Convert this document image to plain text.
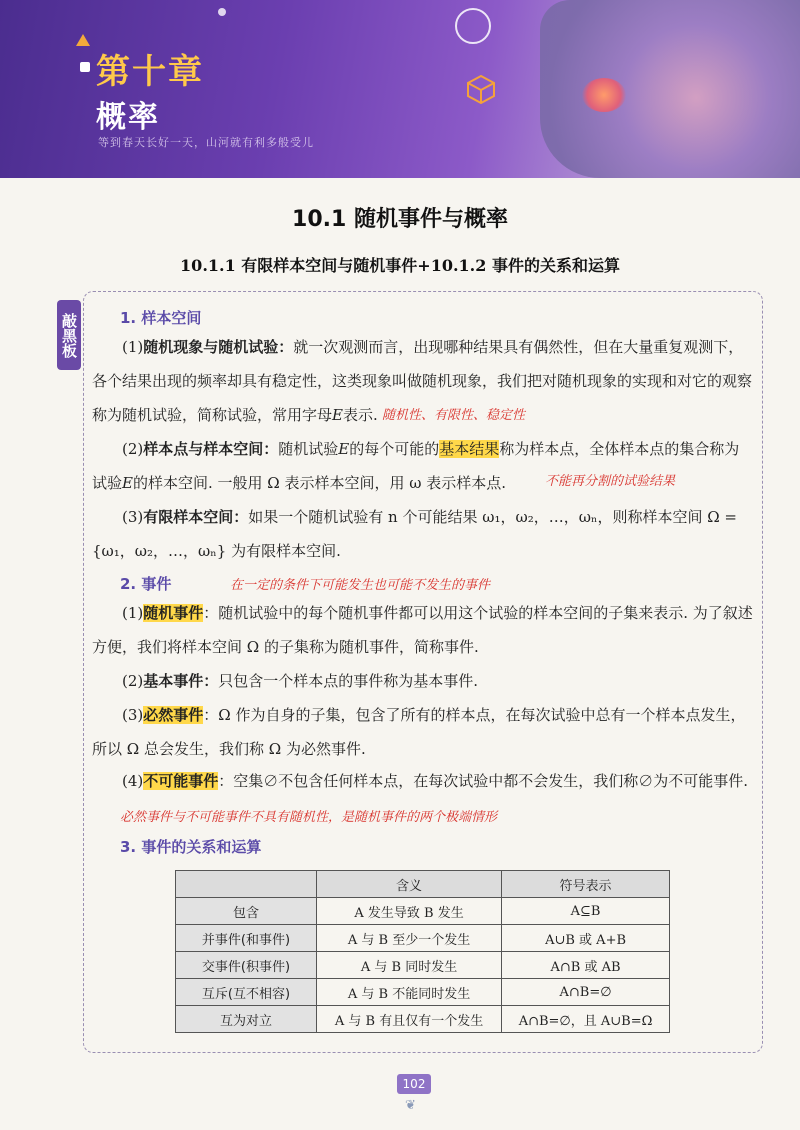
第十章
概率
等到春天长好一天，山河就有利多般受儿
10.1 随机事件与概率
10.1.1 有限样本空间与随机事件+10.1.2 事件的关系和运算
敲黑板	1. 样本空间
(1)随机现象与随机试验：就一次观测而言，出现哪种结果具有偶然性，但在大量重复观测下，各个结果出现的频率却具有稳定性，这类现象叫做随机现象，我们把对随机现象的实现和对它的观察称为随机试验，简称试验，常用字母E表示. 随机性、有限性、稳定性
(2)样本点与样本空间：随机试验E的每个可能的基本结果称为样本点，全体样本点的集合称为试验E的样本空间. 一般用 Ω 表示样本空间，用 ω 表示样本点.	不能再分割的试验结果
(3)有限样本空间：如果一个随机试验有 n 个可能结果 ω₁，ω₂，…，ωₙ，则称样本空间 Ω = {ω₁，ω₂，…，ωₙ} 为有限样本空间.
2. 事件	在一定的条件下可能发生也可能不发生的事件
(1)随机事件：随机试验中的每个随机事件都可以用这个试验的样本空间的子集来表示. 为了叙述方便，我们将样本空间 Ω 的子集称为随机事件，简称事件.
(2)基本事件：只包含一个样本点的事件称为基本事件.
(3)必然事件：Ω 作为自身的子集，包含了所有的样本点，在每次试验中总有一个样本点发生，所以 Ω 总会发生，我们称 Ω 为必然事件.
(4)不可能事件：空集∅不包含任何样本点，在每次试验中都不会发生，我们称∅为不可能事件.
必然事件与不可能事件不具有随机性，是随机事件的两个极端情形
3. 事件的关系和运算
	含义	符号表示
包含	A 发生导致 B 发生	A⊆B
并事件(和事件)	A 与 B 至少一个发生	A∪B 或 A+B
交事件(积事件)	A 与 B 同时发生	A∩B 或 AB
互斥(互不相容)	A 与 B 不能同时发生	A∩B=∅
互为对立	A 与 B 有且仅有一个发生	A∩B=∅，且 A∪B=Ω
102
❦
